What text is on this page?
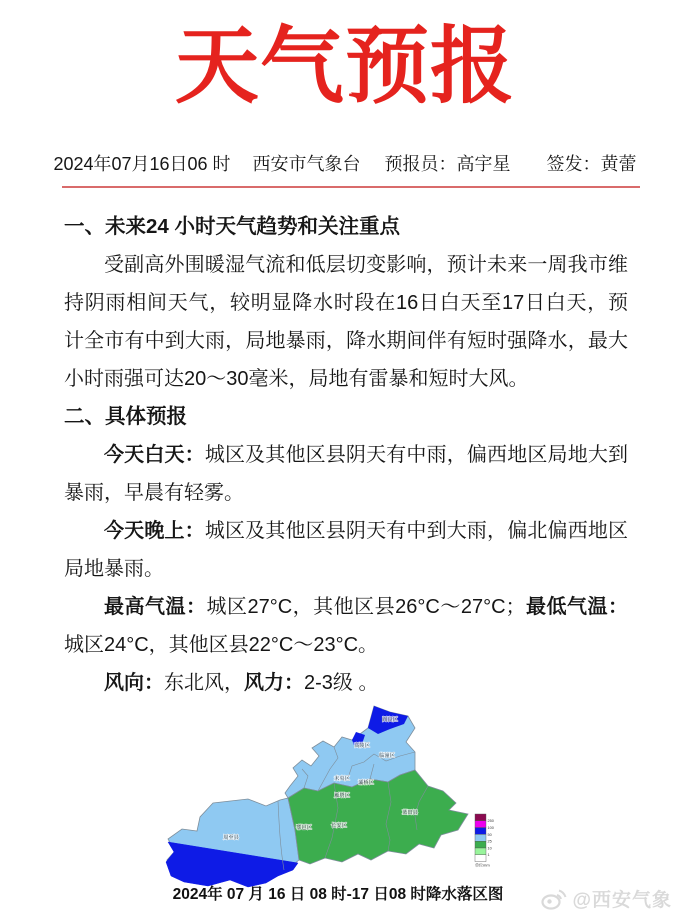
天气预报
2024年07月16日06 时 西安市气象台 预报员：高宇星 签发：黄蕾
一、未来24 小时天气趋势和关注重点

受副高外围暖湿气流和低层切变影响，预计未来一周我市维持阴雨相间天气，较明显降水时段在16日白天至17日白天，预计全市有中到大雨，局地暴雨，降水期间伴有短时强降水，最大小时雨强可达20～30毫米，局地有雷暴和短时大风。

二、具体预报

今天白天：城区及其他区县阴天有中雨，偏西地区局地大到暴雨，早晨有轻雾。

今天晚上：城区及其他区县阴天有中到大雨，偏北偏西地区局地暴雨。

最高气温：城区27°C，其他区县26°C～27°C；最低气温：城区24°C，其他区县22°C～23°C。

风向：东北风，风力：2-3级 。

阎良区
高陵区
临潼区
未央区
灞桥区
雁塔区
长安区
鄠邑区
周至县
蓝田县
250
100
50
25
10
1
单位mm
2024年 07 月 16 日 08 时-17 日08 时降水落区图	@西安气象
